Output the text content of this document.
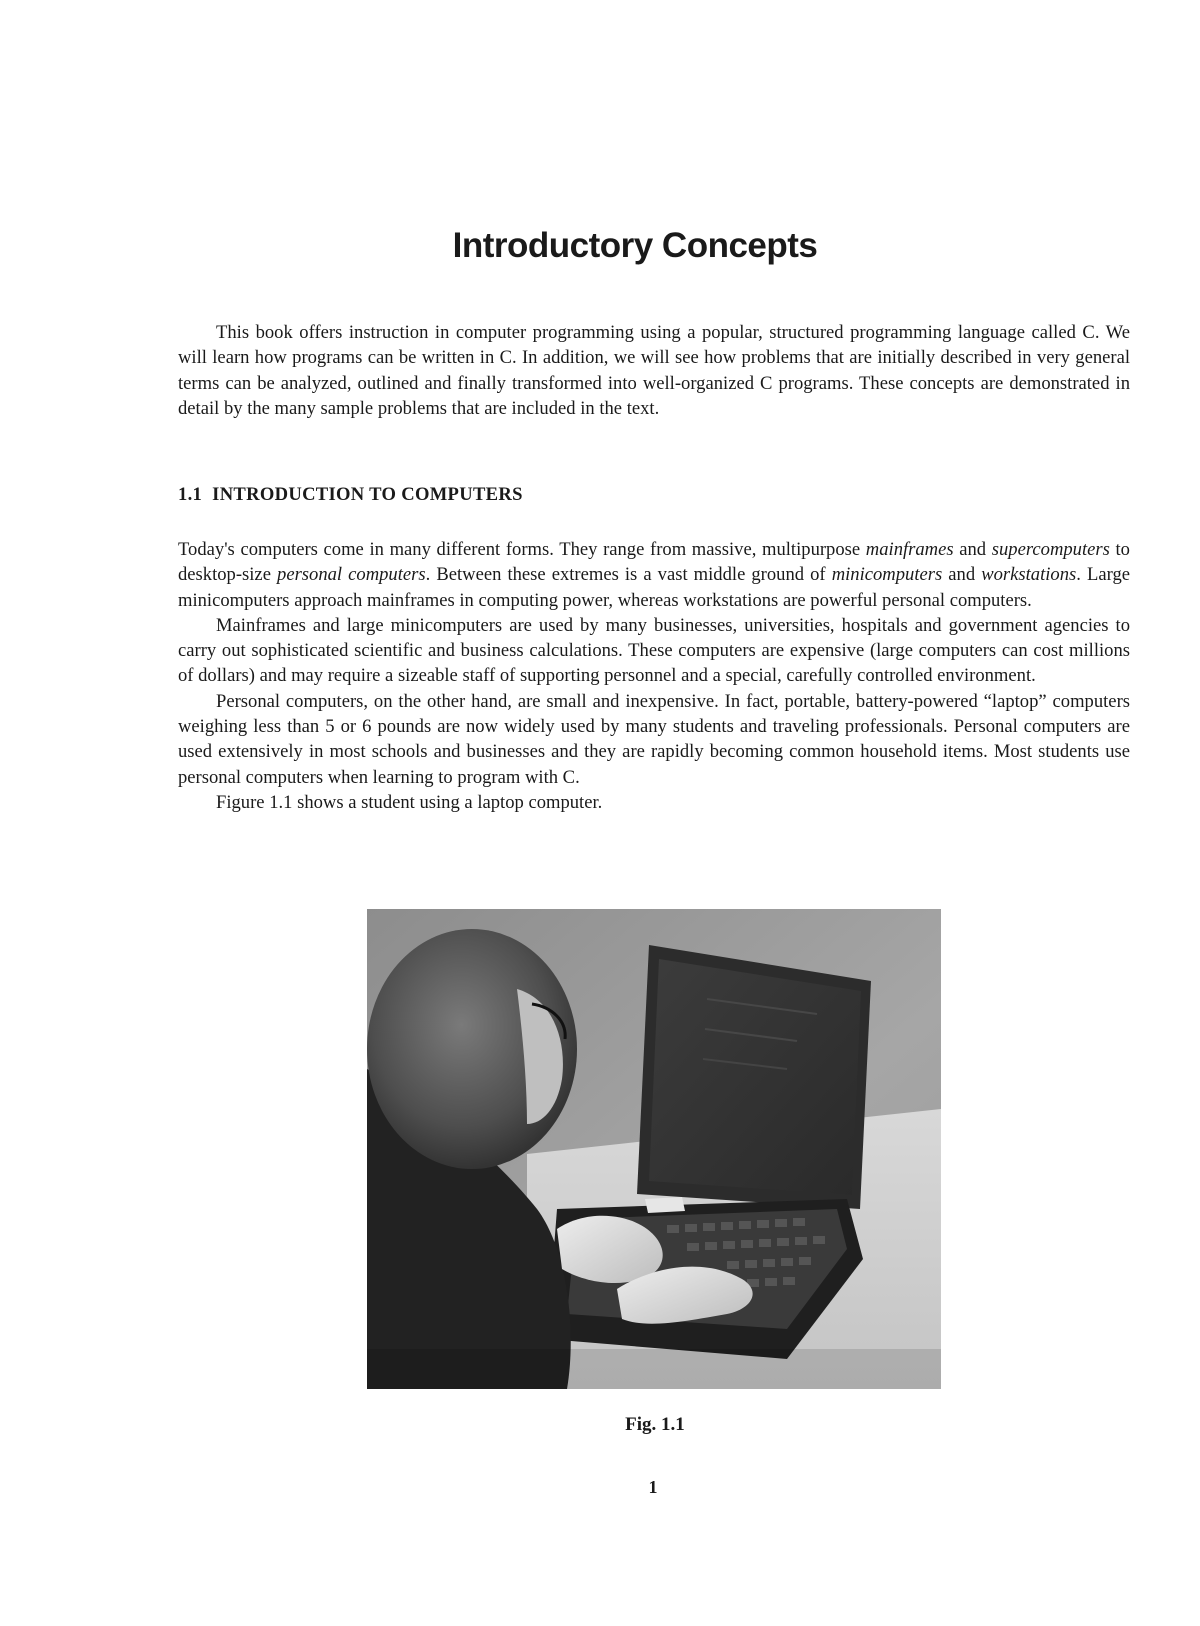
Introductory Concepts

This book offers instruction in computer programming using a popular, structured programming language called C. We will learn how programs can be written in C. In addition, we will see how problems that are initially described in very general terms can be analyzed, outlined and finally transformed into well-organized C programs. These concepts are demonstrated in detail by the many sample problems that are included in the text.

1.1 INTRODUCTION TO COMPUTERS

Today's computers come in many different forms. They range from massive, multipurpose mainframes and supercomputers to desktop-size personal computers. Between these extremes is a vast middle ground of minicomputers and workstations. Large minicomputers approach mainframes in computing power, whereas workstations are powerful personal computers.

Mainframes and large minicomputers are used by many businesses, universities, hospitals and government agencies to carry out sophisticated scientific and business calculations. These computers are expensive (large computers can cost millions of dollars) and may require a sizeable staff of supporting personnel and a special, carefully controlled environment.

Personal computers, on the other hand, are small and inexpensive. In fact, portable, battery-powered “laptop” computers weighing less than 5 or 6 pounds are now widely used by many students and traveling professionals. Personal computers are used extensively in most schools and businesses and they are rapidly becoming common household items. Most students use personal computers when learning to program with C.

Figure 1.1 shows a student using a laptop computer.

Fig. 1.1

1
